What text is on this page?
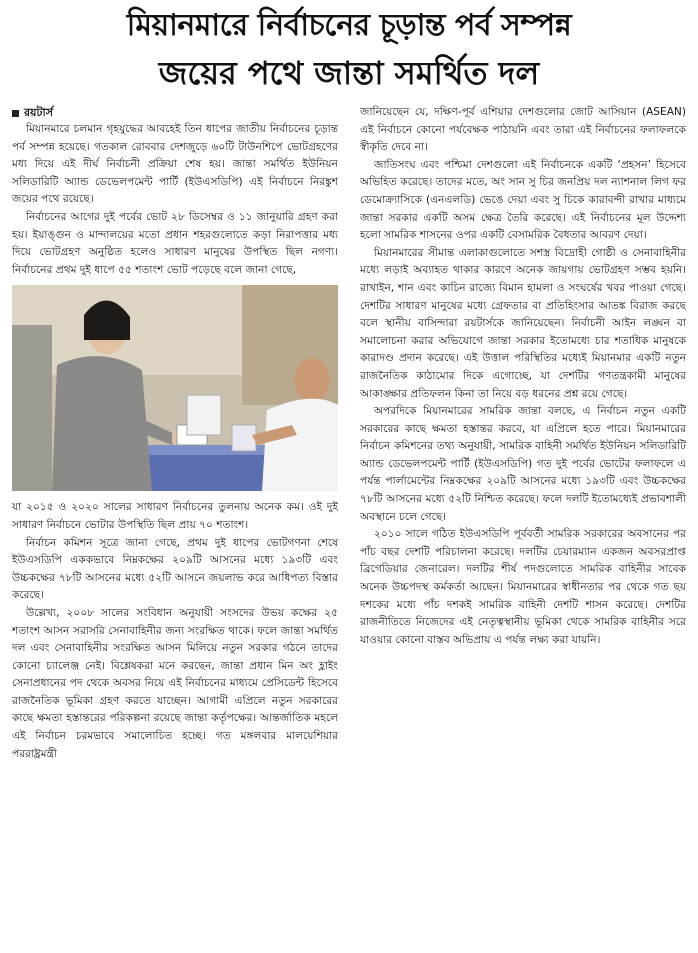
মিয়ানমারে নির্বাচনের চূড়ান্ত পর্ব সম্পন্ন
জয়ের পথে জান্তা সমর্থিত দল
রয়টার্স

মিয়ানমারে চলমান গৃহযুদ্ধের আবহেই তিন ধাপের জাতীয় নির্বাচনের চূড়ান্ত পর্ব সম্পন্ন হয়েছে। গতকাল রোববার দেশজুড়ে ৬০টি টাউনশিপে ভোটগ্রহণের মধ্য দিয়ে এই দীর্ঘ নির্বাচনী প্রক্রিয়া শেষ হয়। জান্তা সমর্থিত ইউনিয়ন সলিডারিটি অ্যান্ড ডেভেলপমেন্ট পার্টি (ইউএসডিপি) এই নির্বাচনে নিরঙ্কুশ জয়ের পথে রয়েছে।

নির্বাচনের আগের দুই পর্বের ভোট ২৮ ডিসেম্বর ও ১১ জানুয়ারি গ্রহণ করা হয়। ইয়াঙ্গুন ও মান্দালয়ের মতো প্রধান শহরগুলোতে কড়া নিরাপত্তার মধ্য দিয়ে ভোটগ্রহণ অনুষ্ঠিত হলেও সাধারণ মানুষের উপস্থিত ছিল নগণ্য। নির্বাচনের প্রথম দুই ধাপে ৫৫ শতাংশ ভোট পড়েছে বলে জানা গেছে,

যা ২০১৫ ও ২০২০ সালের সাধারণ নির্বাচনের তুলনায় অনেক কম। ওই দুই সাধারণ নির্বাচনে ভোটার উপস্থিতি ছিল প্রায় ৭০ শতাংশ।

নির্বাচন কমিশন সূত্রে জানা গেছে, প্রথম দুই ধাপের ভোটগণনা শেষে ইউএসডিপি এককভাবে নিম্নকক্ষের ২০৯টি আসনের মধ্যে ১৯৩টি এবং উচ্চকক্ষের ৭৮টি আসনের মধ্যে ৫২টি আসনে জয়লাভ করে আধিপত্য বিস্তার করেছে।

উল্লেখ্য, ২০০৮ সালের সংবিধান অনুযায়ী সংসদের উভয় কক্ষের ২৫ শতাংশ আসন সরাসরি সেনাবাহিনীর জন্য সংরক্ষিত থাকে। ফলে জান্তা সমর্থিত দল এবং সেনাবাহিনীর সংরক্ষিত আসন মিলিয়ে নতুন সরকার গঠনে তাদের কোনো চ্যালেঞ্জ নেই। বিশ্লেষকরা মনে করছেন, জান্তা প্রধান মিন অং হ্লাইং সেনাপ্রধানের পদ থেকে অবসর নিয়ে এই নির্বাচনের মাধ্যমে প্রেসিডেন্ট হিসেবে রাজনৈতিক ভূমিকা গ্রহণ করতে যাচ্ছেন। আগামী এপ্রিলে নতুন সরকারের কাছে ক্ষমতা হস্তান্তরের পরিকল্পনা রয়েছে জান্তা কর্তৃপক্ষের। আন্তর্জাতিক মহলে এই নির্বাচন চরমভাবে সমালোচিত হচ্ছে। গত মঙ্গলবার মালয়েশিয়ার পররাষ্ট্রমন্ত্রী

জানিয়েছেন যে, দক্ষিণ-পূর্ব এশিয়ার দেশগুলোর জোট আসিয়ান (ASEAN) এই নির্বাচনে কোনো পর্যবেক্ষক পাঠায়নি এবং তারা এই নির্বাচনের ফলাফলকে স্বীকৃতি দেবে না।

জাতিসংঘ এবং পশ্চিমা দেশগুলো এই নির্বাচনকে একটি ‘প্রহসন’ হিসেবে অভিহিত করেছে। তাদের মতে, অং সান সু চির জনপ্রিয় দল ন্যাশনাল লিগ ফর ডেমোক্র্যাসিকে (এনএলডি) ভেঙে দেয়া এবং সু চিকে কারাবন্দী রাখার মাধ্যমে জান্তা সরকার একটি অসম ক্ষেত্র তৈরি করেছে। এই নির্বাচনের মূল উদ্দেশ্য হলো সামরিক শাসনের ওপর একটি বেসামরিক বৈধতার আবরণ দেয়া।

মিয়ানমারের সীমান্ত এলাকাগুলোতে সশস্ত্র বিদ্রোহী গোষ্ঠী ও সেনাবাহিনীর মধ্যে লড়াই অব্যাহত থাকার কারণে অনেক জায়গায় ভোটগ্রহণ সম্ভব হয়নি। রাখাইন, শান এবং কাচিন রাজ্যে বিমান হামলা ও সংঘর্ষের খবর পাওয়া গেছে। দেশটির সাধারণ মানুষের মধ্যে গ্রেফতার বা প্রতিহিংসার আতঙ্ক বিরাজ করছে বলে স্থানীয় বাসিন্দারা রয়টার্সকে জানিয়েছেন। নির্বাচনী আইন লঙ্ঘন বা সমালোচনা করার অভিযোগে জান্তা সরকার ইতোমধ্যে চার শতাধিক মানুষকে কারাদণ্ড প্রদান করেছে। এই উত্তাল পরিস্থিতির মধ্যেই মিয়ানমার একটি নতুন রাজনৈতিক কাঠামোর দিকে এগোচ্ছে, যা দেশটির গণতন্ত্রকামী মানুষের আকাঙ্ক্ষার প্রতিফলন কিনা তা নিয়ে বড় ধরনের প্রশ্ন রয়ে গেছে।

অপরদিকে মিয়ানমারের সামরিক জান্তা বলছে, এ নির্বাচন নতুন একটি সরকারের কাছে ক্ষমতা হস্তান্তর করবে, যা এপ্রিলে হতে পারে। মিয়ানমারের নির্বাচন কমিশনের তথ্য অনুযায়ী, সামরিক বাহিনী সমর্থিত ইউনিয়ন সলিডারিটি অ্যান্ড ডেভেলপমেন্ট পার্টি (ইউএসডিপি) গত দুই পর্বের ভোটের ফলাফলে এ পর্যন্ত পার্লামেন্টের নিম্নকক্ষের ২০৯টি আসনের মধ্যে ১৯৩টি এবং উচ্চকক্ষের ৭৮টি আসনের মধ্যে ৫২টি নিশ্চিত করেছে। ফলে দলটি ইতোমধ্যেই প্রভাবশালী অবস্থানে চলে গেছে।

২০১০ সালে গঠিত ইউএসডিপি পূর্ববর্তী সামরিক সরকারের অবসানের পর পাঁচ বছর দেশটি পরিচালনা করেছে। দলটির চেয়ারম্যান একজন অবসরপ্রাপ্ত ব্রিগেডিয়ার জেনারেল। দলটির শীর্ষ পদগুলোতে সামরিক বাহিনীর সাবেক অনেক উচ্চপদস্থ কর্মকর্তা আছেন। মিয়ানমারের স্বাধীনতার পর থেকে গত ছয় দশকের মধ্যে পাঁচ দশকই সামরিক বাহিনী দেশটি শাসন করেছে। দেশটির রাজনীতিতে নিজেদের এই নেতৃত্বস্থানীয় ভূমিকা থেকে সামরিক বাহিনীর সরে যাওয়ার কোনো বাস্তব অভিপ্রায় এ পর্যন্ত লক্ষ্য করা যায়নি।
